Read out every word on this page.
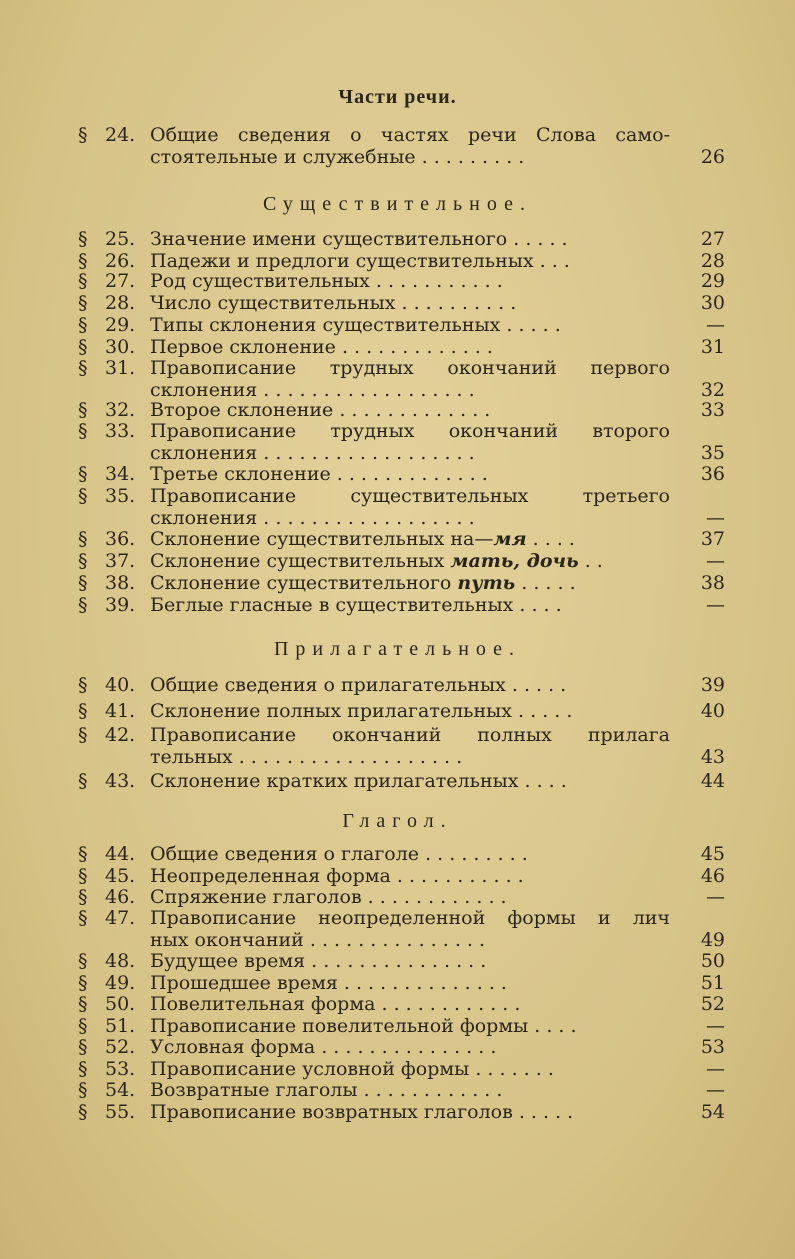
Части речи.
§ 24. Общие сведения о частях речи Слова само-
стоятельные и служебные . . . . . . . . .	26
Существительное.
§ 25. Значение имени существительного . . . . .	27
§ 26. Падежи и предлоги существительных . . .	28
§ 27. Род существительных . . . . . . . . . . .	29
§ 28. Число существительных . . . . . . . . . .	30
§ 29. Типы склонения существительных . . . . .	—
§ 30. Первое склонение . . . . . . . . . . . . .	31
§ 31. Правописание трудных окончаний первого
склонения . . . . . . . . . . . . . . . . . .	32
§ 32. Второе склонение . . . . . . . . . . . . .	33
§ 33. Правописание трудных окончаний второго
склонения . . . . . . . . . . . . . . . . . .	35
§ 34. Третье склонение . . . . . . . . . . . . .	36
§ 35. Правописание существительных третьего
склонения . . . . . . . . . . . . . . . . . .	—
§ 36. Склонение существительных на—мя . . . .	37
§ 37. Склонение существительных мать, дочь . .	—
§ 38. Склонение существительного путь . . . . .	38
§ 39. Беглые гласные в существительных . . . .	—
Прилагательное.
§ 40. Общие сведения о прилагательных . . . . .	39
§ 41. Склонение полных прилагательных . . . . .	40
§ 42. Правописание окончаний полных прилага
тельных . . . . . . . . . . . . . . . . . . .	43
§ 43. Склонение кратких прилагательных . . . .	44
Глагол.
§ 44. Общие сведения о глаголе . . . . . . . . .	45
§ 45. Неопределенная форма . . . . . . . . . . .	46
§ 46. Спряжение глаголов . . . . . . . . . . . .	—
§ 47. Правописание неопределенной формы и лич
ных окончаний . . . . . . . . . . . . . . .	49
§ 48. Будущее время . . . . . . . . . . . . . . .	50
§ 49. Прошедшее время . . . . . . . . . . . . . .	51
§ 50. Повелительная форма . . . . . . . . . . . .	52
§ 51. Правописание повелительной формы . . . .	—
§ 52. Условная форма . . . . . . . . . . . . . . .	53
§ 53. Правописание условной формы . . . . . . .	—
§ 54. Возвратные глаголы . . . . . . . . . . . .	—
§ 55. Правописание возвратных глаголов . . . . .	54
